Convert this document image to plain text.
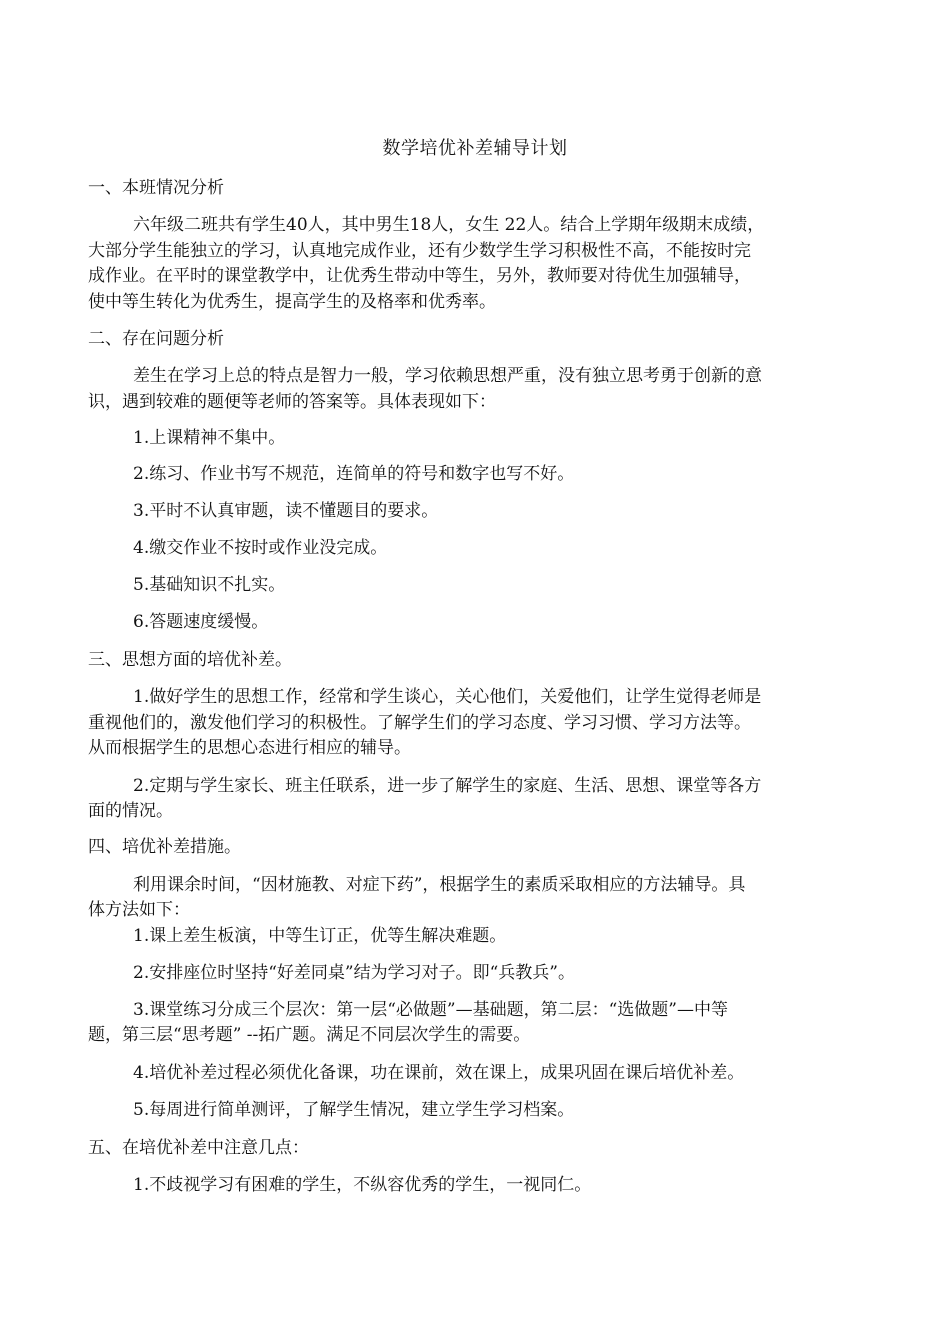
数学培优补差辅导计划
一、本班情况分析
六年级二班共有学生40人，其中男生18人，女生 22人。结合上学期年级期末成绩，
大部分学生能独立的学习，认真地完成作业，还有少数学生学习积极性不高，不能按时完
成作业。在平时的课堂教学中，让优秀生带动中等生，另外，教师要对待优生加强辅导，
使中等生转化为优秀生，提高学生的及格率和优秀率。
二、存在问题分析
差生在学习上总的特点是智力一般，学习依赖思想严重，没有独立思考勇于创新的意
识，遇到较难的题便等老师的答案等。具体表现如下：
1.上课精神不集中。
2.练习、作业书写不规范，连简单的符号和数字也写不好。
3.平时不认真审题，读不懂题目的要求。
4.缴交作业不按时或作业没完成。
5.基础知识不扎实。
6.答题速度缓慢。
三、思想方面的培优补差。
1.做好学生的思想工作，经常和学生谈心，关心他们，关爱他们，让学生觉得老师是
重视他们的，激发他们学习的积极性。了解学生们的学习态度、学习习惯、学习方法等。
从而根据学生的思想心态进行相应的辅导。
2.定期与学生家长、班主任联系，进一步了解学生的家庭、生活、思想、课堂等各方
面的情况。
四、培优补差措施。
利用课余时间，“因材施教、对症下药”，根据学生的素质采取相应的方法辅导。具
体方法如下：
1.课上差生板演，中等生订正，优等生解决难题。
2.安排座位时坚持“好差同桌”结为学习对子。即“兵教兵”。
3.课堂练习分成三个层次：第一层“必做题”—基础题，第二层：“选做题”—中等
题，第三层“思考题” --拓广题。满足不同层次学生的需要。
4.培优补差过程必须优化备课，功在课前，效在课上，成果巩固在课后培优补差。
5.每周进行简单测评，了解学生情况，建立学生学习档案。
五、在培优补差中注意几点：
1.不歧视学习有困难的学生，不纵容优秀的学生，一视同仁。
